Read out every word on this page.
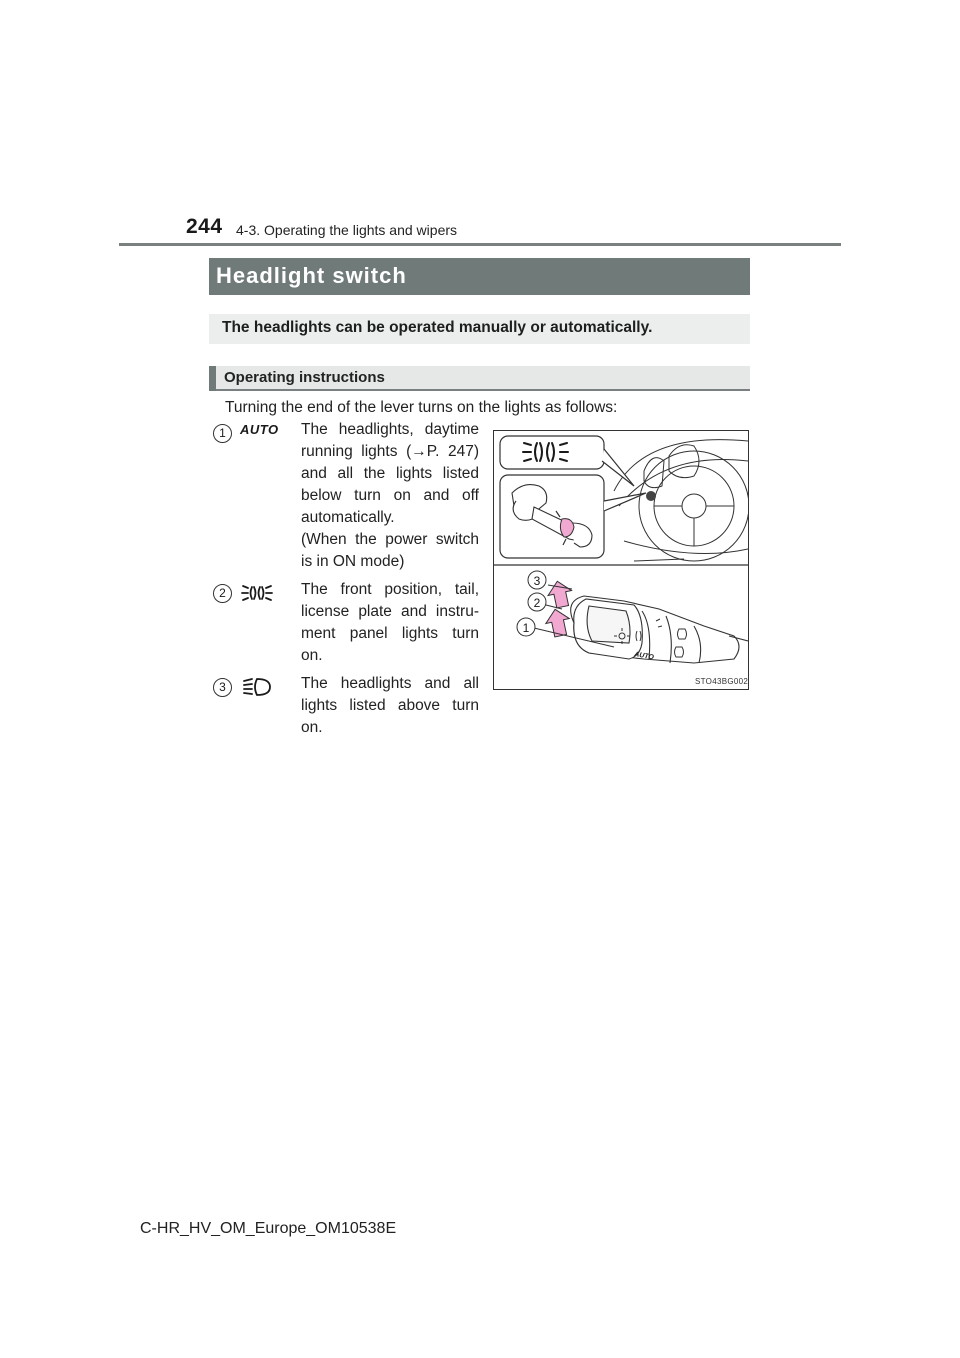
244 4-3. Operating the lights and wipers
Headlight switch
The headlights can be operated manually or automatically.
Operating instructions
Turning the end of the lever turns on the lights as follows:
1	AUTO The headlights, daytime
running lights (→P. 247)
and all the lights listed
below turn on and off
automatically.
(When the power switch
is in ON mode)
2	The front position, tail,
license plate and instru-
ment panel lights turn
on.
3	The headlights and all
lights listed above turn
on.
AUTO
3
2
1
STO43BG002
C-HR_HV_OM_Europe_OM10538E
